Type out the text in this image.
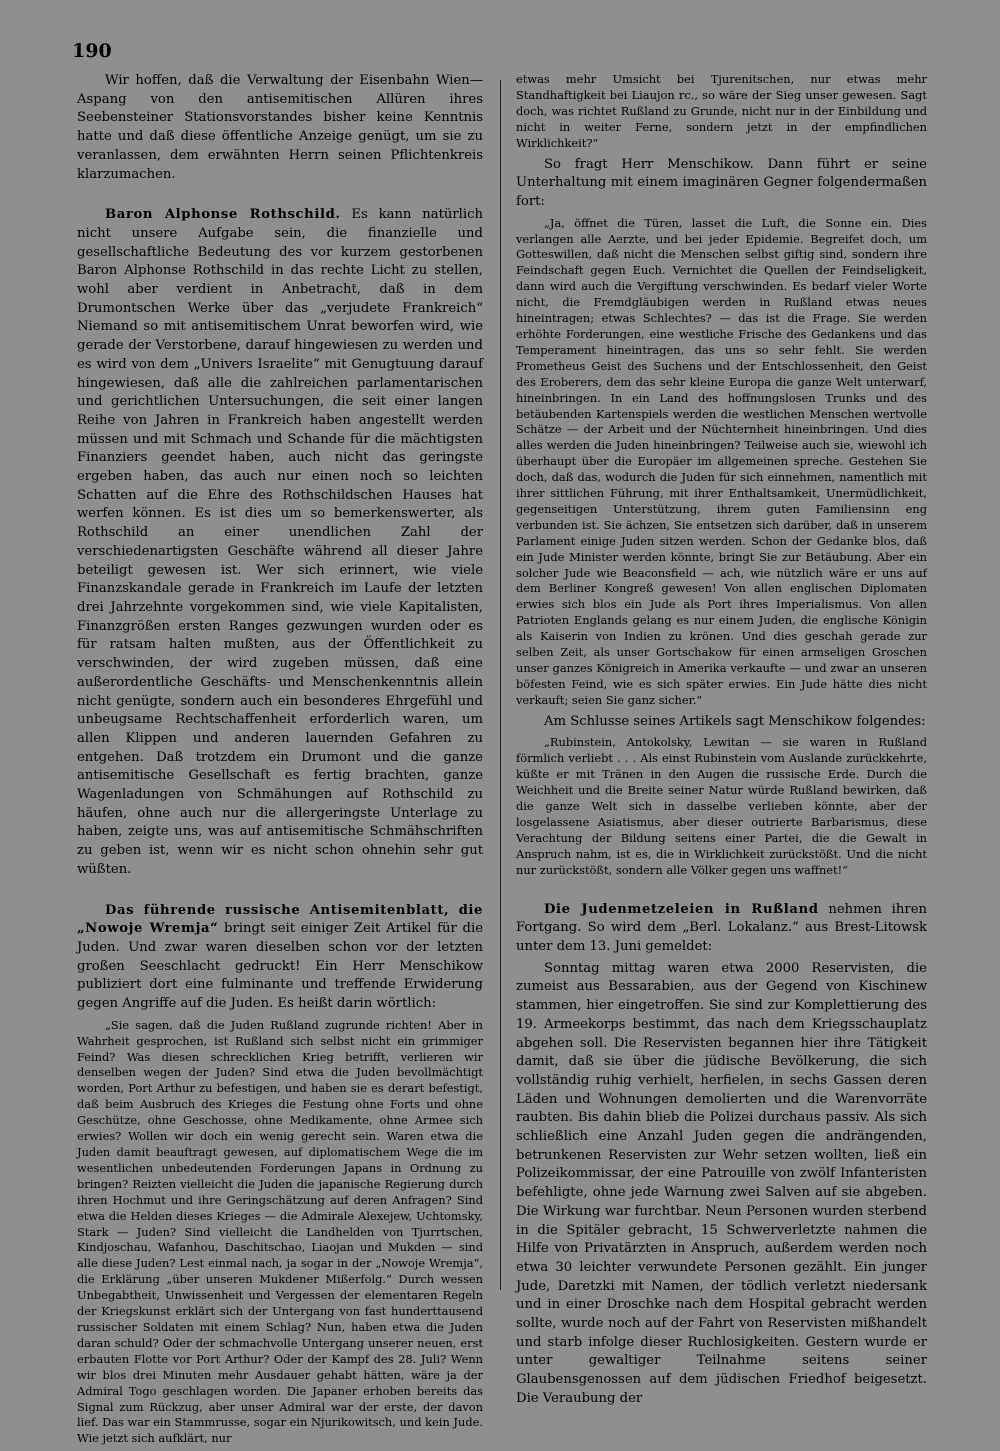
190

Wir hoffen, daß die Verwaltung der Eisenbahn Wien—Aspang von den antisemitischen Allüren ihres Seebensteiner Stationsvorstandes bisher keine Kenntnis hatte und daß diese öffentliche Anzeige genügt, um sie zu veranlassen, dem erwähnten Herrn seinen Pflichtenkreis klarzumachen.

Baron Alphonse Rothschild. Es kann natürlich nicht unsere Aufgabe sein, die finanzielle und gesellschaftliche Bedeutung des vor kurzem gestorbenen Baron Alphonse Rothschild in das rechte Licht zu stellen, wohl aber verdient in Anbetracht, daß in dem Drumontschen Werke über das „verjudete Frankreich“ Niemand so mit antisemitischem Unrat beworfen wird, wie gerade der Verstorbene, darauf hingewiesen zu werden und es wird von dem „Univers Israelite“ mit Genugtuung darauf hingewiesen, daß alle die zahlreichen parlamentarischen und gerichtlichen Untersuchungen, die seit einer langen Reihe von Jahren in Frankreich haben angestellt werden müssen und mit Schmach und Schande für die mächtigsten Finanziers geendet haben, auch nicht das geringste ergeben haben, das auch nur einen noch so leichten Schatten auf die Ehre des Rothschildschen Hauses hat werfen können. Es ist dies um so bemerkenswerter, als Rothschild an einer unendlichen Zahl der verschiedenartigsten Geschäfte während all dieser Jahre beteiligt gewesen ist. Wer sich erinnert, wie viele Finanzskandale gerade in Frankreich im Laufe der letzten drei Jahrzehnte vorgekommen sind, wie viele Kapitalisten, Finanzgrößen ersten Ranges gezwungen wurden oder es für ratsam halten mußten, aus der Öffentlichkeit zu verschwinden, der wird zugeben müssen, daß eine außerordentliche Geschäfts- und Menschenkenntnis allein nicht genügte, sondern auch ein besonderes Ehrgefühl und unbeugsame Rechtschaffenheit erforderlich waren, um allen Klippen und anderen lauernden Gefahren zu entgehen. Daß trotzdem ein Drumont und die ganze antisemitische Gesellschaft es fertig brachten, ganze Wagenladungen von Schmähungen auf Rothschild zu häufen, ohne auch nur die allergeringste Unterlage zu haben, zeigte uns, was auf antisemitische Schmähschriften zu geben ist, wenn wir es nicht schon ohnehin sehr gut wüßten.

Das führende russische Antisemitenblatt, die „Nowoje Wremja“ bringt seit einiger Zeit Artikel für die Juden. Und zwar waren dieselben schon vor der letzten großen Seeschlacht gedruckt! Ein Herr Menschikow publiziert dort eine fulminante und treffende Erwiderung gegen Angriffe auf die Juden. Es heißt darin wörtlich:

„Sie sagen, daß die Juden Rußland zugrunde richten! Aber in Wahrheit gesprochen, ist Rußland sich selbst nicht ein grimmiger Feind? Was diesen schrecklichen Krieg betrifft, verlieren wir denselben wegen der Juden? Sind etwa die Juden bevollmächtigt worden, Port Arthur zu befestigen, und haben sie es derart befestigt, daß beim Ausbruch des Krieges die Festung ohne Forts und ohne Geschütze, ohne Geschosse, ohne Medikamente, ohne Armee sich erwies? Wollen wir doch ein wenig gerecht sein. Waren etwa die Juden damit beauftragt gewesen, auf diplomatischem Wege die im wesentlichen unbedeutenden Forderungen Japans in Ordnung zu bringen? Reizten vielleicht die Juden die japanische Regierung durch ihren Hochmut und ihre Geringschätzung auf deren Anfragen? Sind etwa die Helden dieses Krieges — die Admirale Alexejew, Uchtomsky, Stark — Juden? Sind vielleicht die Landhelden von Tjurrtschen, Kindjoschau, Wafanhou, Daschitschao, Liaojan und Mukden — sind alle diese Juden? Lest einmal nach, ja sogar in der „Nowoje Wremja“, die Erklärung „über unseren Mukdener Mißerfolg.“ Durch wessen Unbegabtheit, Unwissenheit und Vergessen der elementaren Regeln der Kriegskunst erklärt sich der Untergang von fast hunderttausend russischer Soldaten mit einem Schlag? Nun, haben etwa die Juden daran schuld? Oder der schmachvolle Untergang unserer neuen, erst erbauten Flotte vor Port Arthur? Oder der Kampf des 28. Juli? Wenn wir blos drei Minuten mehr Ausdauer gehabt hätten, wäre ja der Admiral Togo geschlagen worden. Die Japaner erhoben bereits das Signal zum Rückzug, aber unser Admiral war der erste, der davon lief. Das war ein Stammrusse, sogar ein Njurikowitsch, und kein Jude. Wie jetzt sich aufklärt, nur

etwas mehr Umsicht bei Tjurenitschen, nur etwas mehr Standhaftigkeit bei Liaujon rc., so wäre der Sieg unser gewesen. Sagt doch, was richtet Rußland zu Grunde, nicht nur in der Einbildung und nicht in weiter Ferne, sondern jetzt in der empfindlichen Wirklichkeit?“

So fragt Herr Menschikow. Dann führt er seine Unterhaltung mit einem imaginären Gegner folgendermaßen fort:

„Ja, öffnet die Türen, lasset die Luft, die Sonne ein. Dies verlangen alle Aerzte, und bei jeder Epidemie. Begreifet doch, um Gotteswillen, daß nicht die Menschen selbst giftig sind, sondern ihre Feindschaft gegen Euch. Vernichtet die Quellen der Feindseligkeit, dann wird auch die Vergiftung verschwinden. Es bedarf vieler Worte nicht, die Fremdgläubigen werden in Rußland etwas neues hineintragen; etwas Schlechtes? — das ist die Frage. Sie werden erhöhte Forderungen, eine westliche Frische des Gedankens und das Temperament hineintragen, das uns so sehr fehlt. Sie werden Prometheus Geist des Suchens und der Entschlossenheit, den Geist des Eroberers, dem das sehr kleine Europa die ganze Welt unterwarf, hineinbringen. In ein Land des hoffnungslosen Trunks und des betäubenden Kartenspiels werden die westlichen Menschen wertvolle Schätze — der Arbeit und der Nüchternheit hineinbringen. Und dies alles werden die Juden hineinbringen? Teilweise auch sie, wiewohl ich überhaupt über die Europäer im allgemeinen spreche. Gestehen Sie doch, daß das, wodurch die Juden für sich einnehmen, namentlich mit ihrer sittlichen Führung, mit ihrer Enthaltsamkeit, Unermüdlichkeit, gegenseitigen Unterstützung, ihrem guten Familiensinn eng verbunden ist. Sie ächzen, Sie entsetzen sich darüber, daß in unserem Parlament einige Juden sitzen werden. Schon der Gedanke blos, daß ein Jude Minister werden könnte, bringt Sie zur Betäubung. Aber ein solcher Jude wie Beaconsfield — ach, wie nützlich wäre er uns auf dem Berliner Kongreß gewesen! Von allen englischen Diplomaten erwies sich blos ein Jude als Port ihres Imperialismus. Von allen Patrioten Englands gelang es nur einem Juden, die englische Königin als Kaiserin von Indien zu krönen. Und dies geschah gerade zur selben Zeit, als unser Gortschakow für einen armseligen Groschen unser ganzes Königreich in Amerika verkaufte — und zwar an unseren böfesten Feind, wie es sich später erwies. Ein Jude hätte dies nicht verkauft; seien Sie ganz sicher.“

Am Schlusse seines Artikels sagt Menschikow folgendes:

„Rubinstein, Antokolsky, Lewitan — sie waren in Rußland förmlich verliebt . . . Als einst Rubinstein vom Auslande zurückkehrte, küßte er mit Tränen in den Augen die russische Erde. Durch die Weichheit und die Breite seiner Natur würde Rußland bewirken, daß die ganze Welt sich in dasselbe verlieben könnte, aber der losgelassene Asiatismus, aber dieser outrierte Barbarismus, diese Verachtung der Bildung seitens einer Partei, die die Gewalt in Anspruch nahm, ist es, die in Wirklichkeit zurückstößt. Und die nicht nur zurückstößt, sondern alle Völker gegen uns waffnet!“

Die Judenmetzeleien in Rußland nehmen ihren Fortgang. So wird dem „Berl. Lokalanz.“ aus Brest-Litowsk unter dem 13. Juni gemeldet:

Sonntag mittag waren etwa 2000 Reservisten, die zumeist aus Bessarabien, aus der Gegend von Kischinew stammen, hier eingetroffen. Sie sind zur Komplettierung des 19. Armeekorps bestimmt, das nach dem Kriegsschauplatz abgehen soll. Die Reservisten begannen hier ihre Tätigkeit damit, daß sie über die jüdische Bevölkerung, die sich vollständig ruhig verhielt, herfielen, in sechs Gassen deren Läden und Wohnungen demolierten und die Warenvorräte raubten. Bis dahin blieb die Polizei durchaus passiv. Als sich schließlich eine Anzahl Juden gegen die andrängenden, betrunkenen Reservisten zur Wehr setzen wollten, ließ ein Polizeikommissar, der eine Patrouille von zwölf Infanteristen befehligte, ohne jede Warnung zwei Salven auf sie abgeben. Die Wirkung war furchtbar. Neun Personen wurden sterbend in die Spitäler gebracht, 15 Schwerverletzte nahmen die Hilfe von Privatärzten in Anspruch, außerdem werden noch etwa 30 leichter verwundete Personen gezählt. Ein junger Jude, Daretzki mit Namen, der tödlich verletzt niedersank und in einer Droschke nach dem Hospital gebracht werden sollte, wurde noch auf der Fahrt von Reservisten mißhandelt und starb infolge dieser Ruchlosigkeiten. Gestern wurde er unter gewaltiger Teilnahme seitens seiner Glaubensgenossen auf dem jüdischen Friedhof beigesetzt. Die Veraubung der
